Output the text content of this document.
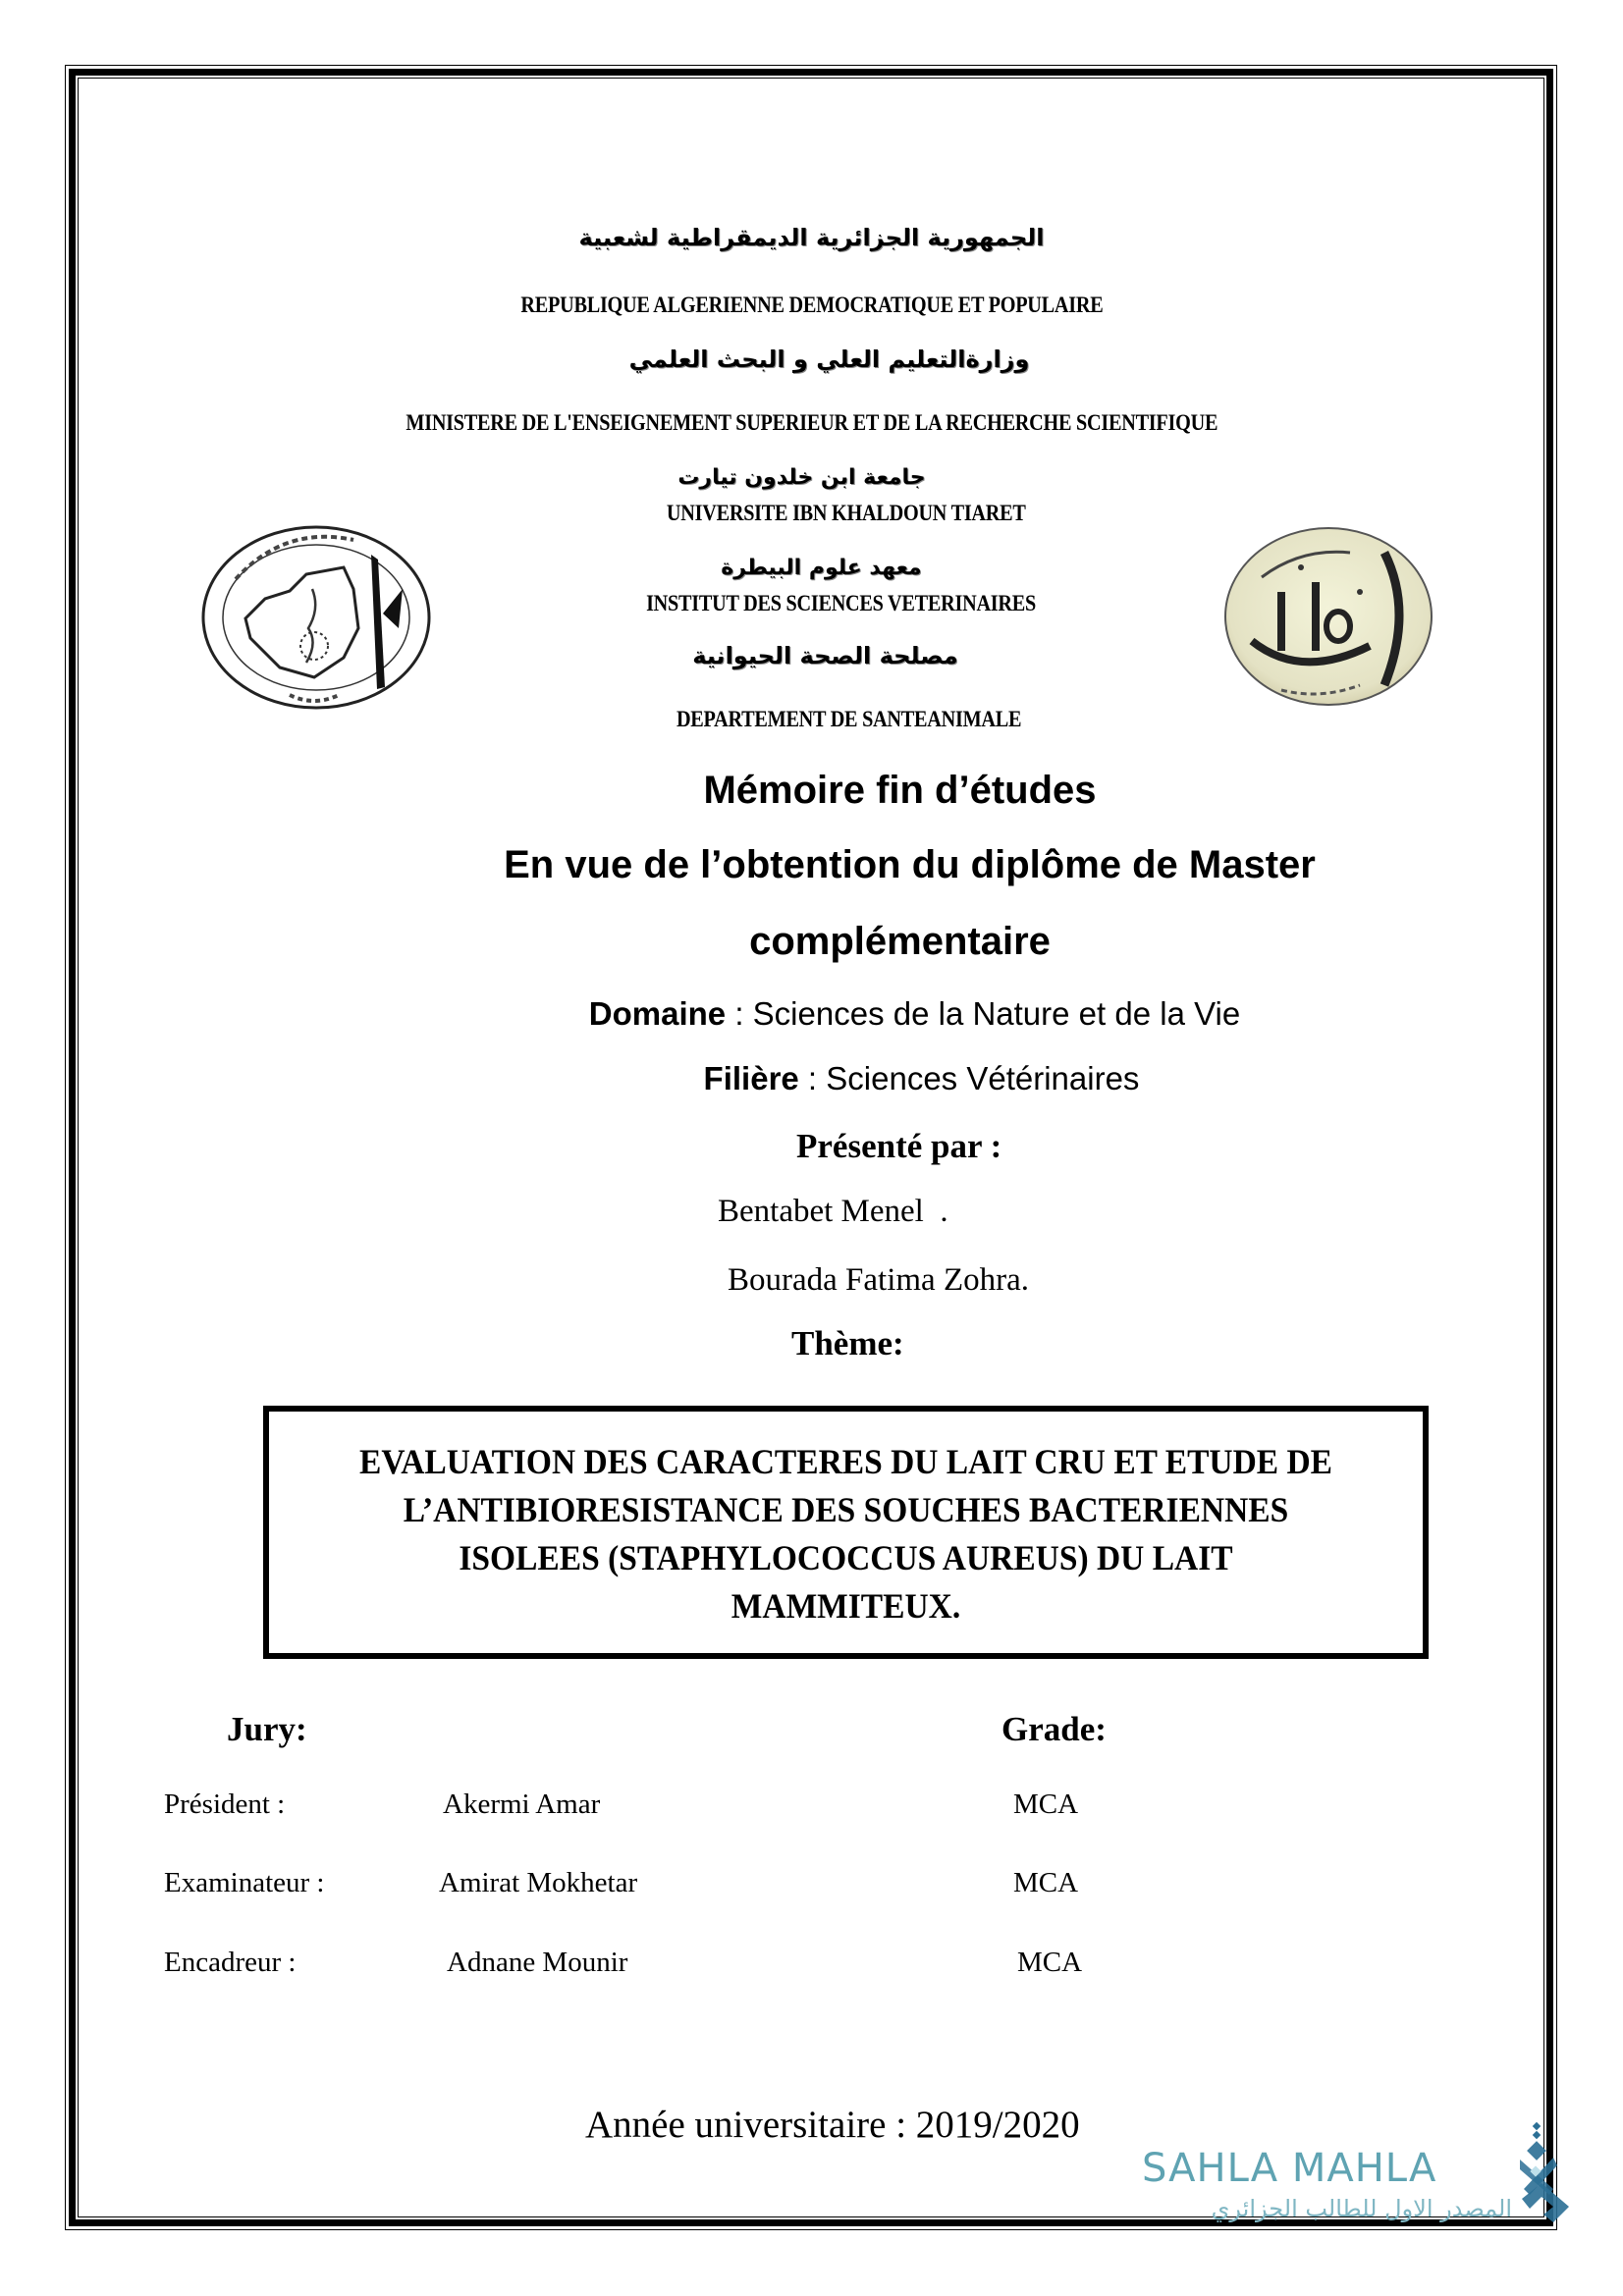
الجمهورية الجزائرية الديمقراطية لشعبية
REPUBLIQUE ALGERIENNE DEMOCRATIQUE ET POPULAIRE
وزارةالتعليم العلي و البحث العلمي
MINISTERE DE L'ENSEIGNEMENT SUPERIEUR ET DE LA RECHERCHE SCIENTIFIQUE
جامعة ابن خلدون تيارت
UNIVERSITE IBN KHALDOUN TIARET
معهد علوم البيطرة
INSTITUT DES SCIENCES VETERINAIRES
مصلحة الصحة الحيوانية
DEPARTEMENT DE SANTEANIMALE
Mémoire fin d’études
En vue de l’obtention du diplôme de Master
complémentaire
Domaine : Sciences de la Nature et de la Vie
Filière : Sciences Vétérinaires
Présenté par :
Bentabet Menel  .
Bourada Fatima Zohra.
Thème:
EVALUATION DES CARACTERES DU LAIT CRU ET ETUDE DE
L’ANTIBIORESISTANCE DES SOUCHES BACTERIENNES
ISOLEES (STAPHYLOCOCCUS AUREUS) DU LAIT
MAMMITEUX.
Jury:	Grade:
Président :	Akermi Amar	MCA
Examinateur :	Amirat Mokhetar	MCA
Encadreur :	Adnane Mounir	MCA
Année universitaire : 2019/2020
SAHLA MAHLA
المصدر الاول للطالب الجزائري
